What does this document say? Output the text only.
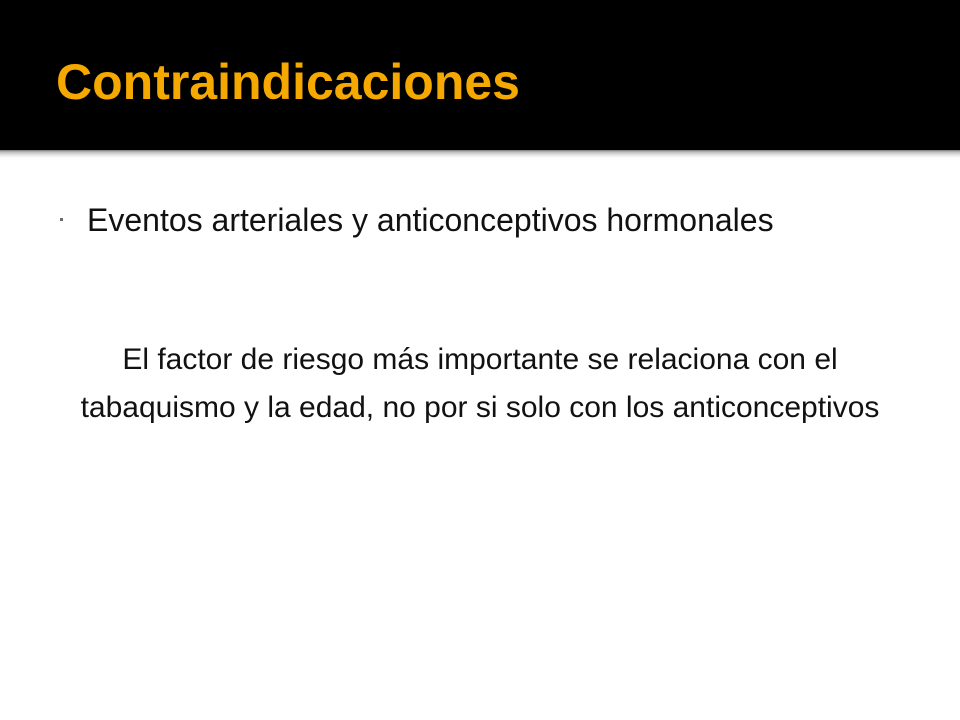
Contraindicaciones
Eventos arteriales y anticonceptivos hormonales
El factor de riesgo más importante se relaciona con el tabaquismo y la edad, no por si solo con los anticonceptivos
